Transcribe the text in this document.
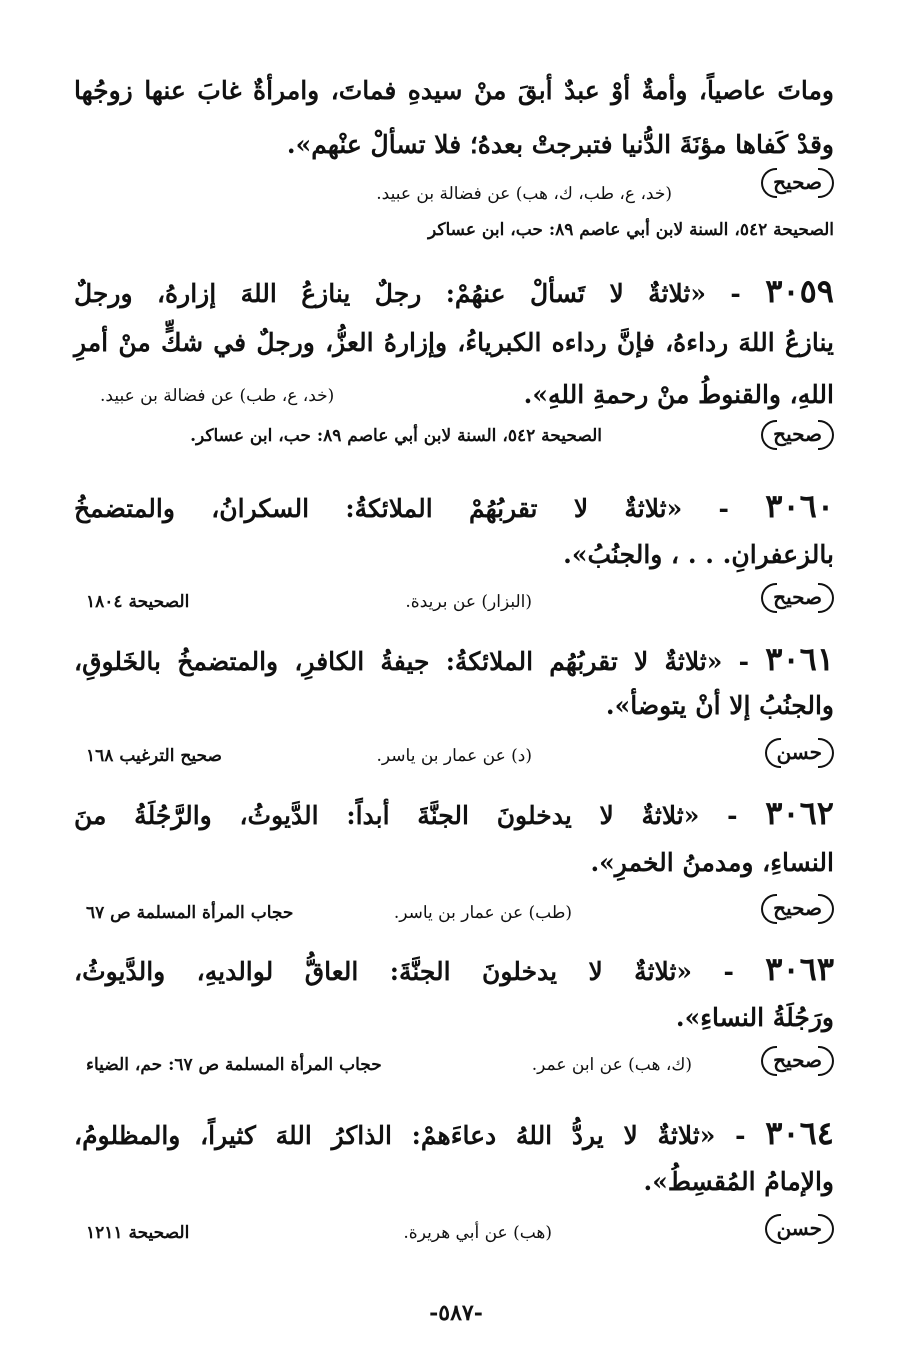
وماتَ عاصياً، وأمةٌ أوْ عبدٌ أبقَ منْ سيدهِ فماتَ، وامرأةٌ غابَ عنها زوجُها
وقدْ كَفاها مؤنَةَ الدُّنيا فتبرجتْ بعدهُ؛ فلا تسألْ عنْهم».
صحيح
(خد، ع، طب، ك، هب) عن فضالة بن عبيد.
الصحيحة ٥٤٢، السنة لابن أبي عاصم ٨٩: حب، ابن عساكر
٣٠٥٩ - «ثلاثةٌ لا تَسألْ عنهُمْ: رجلٌ ينازعُ اللهَ إزارهُ، ورجلٌ
ينازعُ اللهَ رداءهُ، فإنَّ رداءه الكبرياءُ، وإزارهُ العزُّ، ورجلٌ في شكٍّ منْ أمرِ
اللهِ، والقنوطُ منْ رحمةِ اللهِ».
(خد، ع، طب) عن فضالة بن عبيد.
صحيح
الصحيحة ٥٤٢، السنة لابن أبي عاصم ٨٩: حب، ابن عساكر.
٣٠٦٠ - «ثلاثةٌ لا تقربُهُمْ الملائكةُ: السكرانُ، والمتضمخُ
بالزعفرانِ. . . ، والجنُبُ».
صحيح
(البزار) عن بريدة.
الصحيحة ١٨٠٤
٣٠٦١ - «ثلاثةٌ لا تقربُهُم الملائكةُ: جيفةُ الكافرِ، والمتضمخُ بالخَلوقِ،
والجنُبُ إلا أنْ يتوضأ».
حسن
(د) عن عمار بن ياسر.
صحيح الترغيب ١٦٨
٣٠٦٢ - «ثلاثةٌ لا يدخلونَ الجنَّةَ أبداً: الدَّيوثُ، والرَّجُلَةُ منَ
النساءِ، ومدمنُ الخمرِ».
صحيح
(طب) عن عمار بن ياسر.
حجاب المرأة المسلمة ص ٦٧
٣٠٦٣ - «ثلاثةٌ لا يدخلونَ الجنَّةَ: العاقُّ لوالديهِ، والدَّيوثُ،
ورَجُلَةُ النساءِ».
صحيح
(ك، هب) عن ابن عمر.
حجاب المرأة المسلمة ص ٦٧: حم، الضياء
٣٠٦٤ - «ثلاثةٌ لا يردُّ اللهُ دعاءَهمْ: الذاكرُ اللهَ كثيراً، والمظلومُ،
والإمامُ المُقسِطُ».
حسن
(هب) عن أبي هريرة.
الصحيحة ١٢١١
-٥٨٧-
